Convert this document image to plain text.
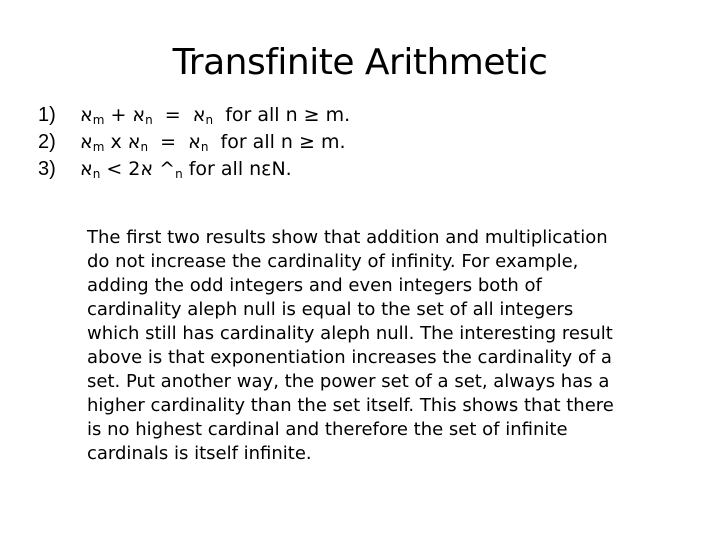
Transfinite Arithmetic
1)	א$_m$ + א$_n$  =  א$_n$  for all n ≥ m.
2)	א$_m$ x א$_n$  =  א$_n$  for all n ≥ m.
3)	א$_n$ < 2א $\^{}_n$ for all nεN.
The first two results show that addition and multiplication
do not increase the cardinality of infinity. For example,
adding the odd integers and even integers both of
cardinality aleph null is equal to the set of all integers
which still has cardinality aleph null. The interesting result
above is that exponentiation increases the cardinality of a
set. Put another way, the power set of a set, always has a
higher cardinality than the set itself. This shows that there
is no highest cardinal and therefore the set of infinite
cardinals is itself infinite.
